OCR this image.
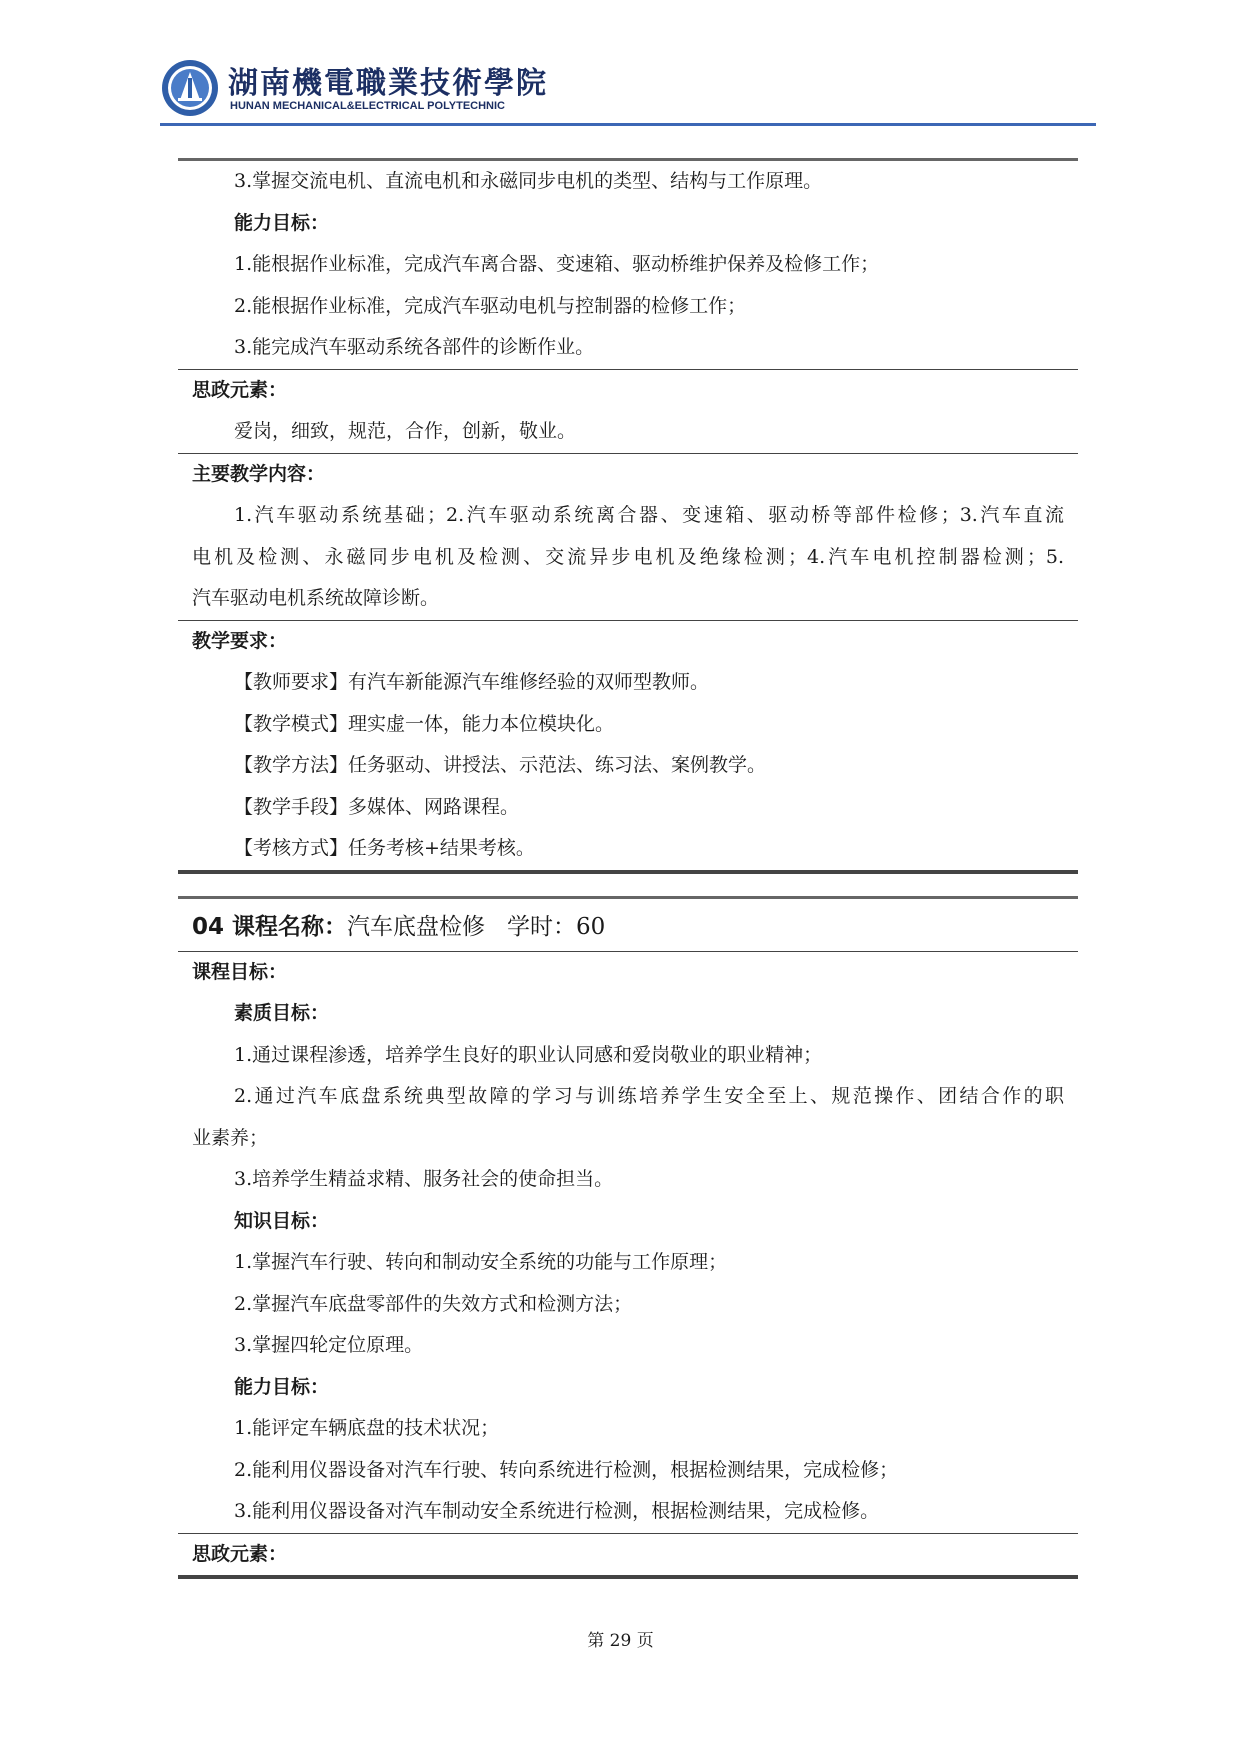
湖南機電職業技術學院
HUNAN MECHANICAL&ELECTRICAL POLYTECHNIC
3.掌握交流电机、直流电机和永磁同步电机的类型、结构与工作原理。
能力目标：
1.能根据作业标准，完成汽车离合器、变速箱、驱动桥维护保养及检修工作；
2.能根据作业标准，完成汽车驱动电机与控制器的检修工作；
3.能完成汽车驱动系统各部件的诊断作业。
思政元素：
爱岗，细致，规范，合作，创新，敬业。
主要教学内容：
1.汽车驱动系统基础；2.汽车驱动系统离合器、变速箱、驱动桥等部件检修；3.汽车直流
电机及检测、永磁同步电机及检测、交流异步电机及绝缘检测；4.汽车电机控制器检测；5.
汽车驱动电机系统故障诊断。
教学要求：
【教师要求】有汽车新能源汽车维修经验的双师型教师。
【教学模式】理实虚一体，能力本位模块化。
【教学方法】任务驱动、讲授法、示范法、练习法、案例教学。
【教学手段】多媒体、网路课程。
【考核方式】任务考核+结果考核。
04 课程名称：汽车底盘检修 学时：60
课程目标：
素质目标：
1.通过课程渗透，培养学生良好的职业认同感和爱岗敬业的职业精神；
2.通过汽车底盘系统典型故障的学习与训练培养学生安全至上、规范操作、团结合作的职
业素养；
3.培养学生精益求精、服务社会的使命担当。
知识目标：
1.掌握汽车行驶、转向和制动安全系统的功能与工作原理；
2.掌握汽车底盘零部件的失效方式和检测方法；
3.掌握四轮定位原理。
能力目标：
1.能评定车辆底盘的技术状况；
2.能利用仪器设备对汽车行驶、转向系统进行检测，根据检测结果，完成检修；
3.能利用仪器设备对汽车制动安全系统进行检测，根据检测结果，完成检修。
思政元素：
第 29 页
